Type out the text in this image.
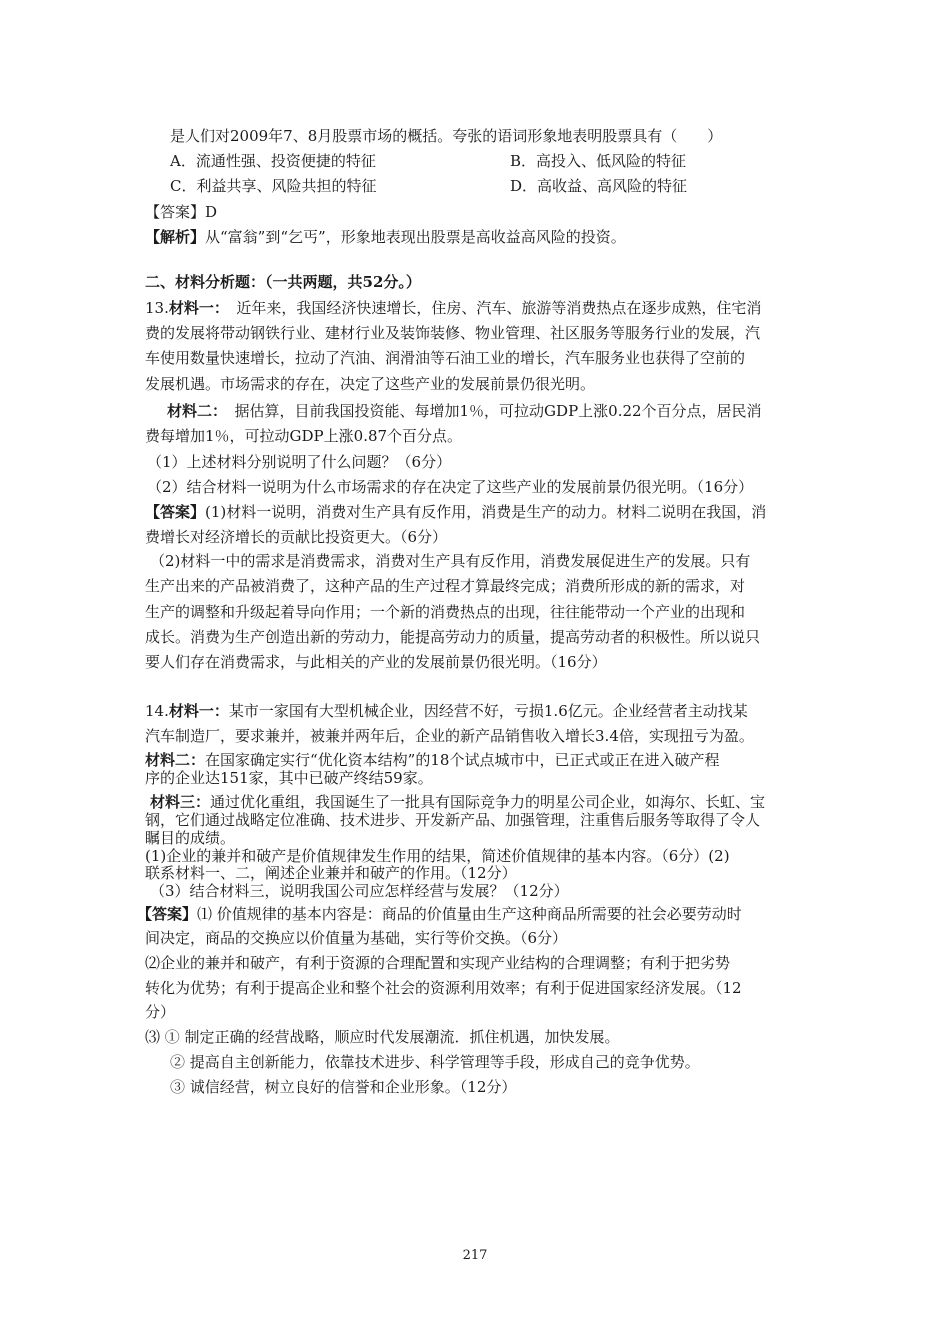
是人们对2009年7、8月股票市场的概括。夸张的语词形象地表明股票具有（　　）
A．流通性强、投资便捷的特征	B．高投入、低风险的特征
C．利益共享、风险共担的特征	D．高收益、高风险的特征
【答案】D
【解析】从“富翁”到“乞丐”，形象地表现出股票是高收益高风险的投资。
二、材料分析题：（一共两题，共52分。）
13.材料一：　近年来，我国经济快速增长，住房、汽车、旅游等消费热点在逐步成熟，住宅消
费的发展将带动钢铁行业、建材行业及装饰装修、物业管理、社区服务等服务行业的发展，汽
车使用数量快速增长，拉动了汽油、润滑油等石油工业的增长，汽车服务业也获得了空前的
发展机遇。市场需求的存在，决定了这些产业的发展前景仍很光明。
材料二：　据估算，目前我国投资能、每增加1％，可拉动GDP上涨0.22个百分点，居民消
费每增加1％，可拉动GDP上涨0.87个百分点。
（1）上述材料分别说明了什么问题？（6分）
（2）结合材料一说明为什么市场需求的存在决定了这些产业的发展前景仍很光明。（16分）
【答案】(1)材料一说明，消费对生产具有反作用，消费是生产的动力。材料二说明在我国，消
费增长对经济增长的贡献比投资更大。（6分）
（2)材料一中的需求是消费需求，消费对生产具有反作用，消费发展促进生产的发展。只有
生产出来的产品被消费了，这种产品的生产过程才算最终完成；消费所形成的新的需求，对
生产的调整和升级起着导向作用；一个新的消费热点的出现，往往能带动一个产业的出现和
成长。消费为生产创造出新的劳动力，能提高劳动力的质量，提高劳动者的积极性。所以说只
要人们存在消费需求，与此相关的产业的发展前景仍很光明。（16分）
14.材料一：某市一家国有大型机械企业，因经营不好，亏损1.6亿元。企业经营者主动找某
汽车制造厂，要求兼并，被兼并两年后，企业的新产品销售收入增长3.4倍，实现扭亏为盈。
材料二：在国家确定实行“优化资本结构”的18个试点城市中，已正式或正在进入破产程
序的企业达151家，其中已破产终结59家。
材料三：通过优化重组，我国诞生了一批具有国际竞争力的明星公司企业，如海尔、长虹、宝
钢，它们通过战略定位准确、技术进步、开发新产品、加强管理，注重售后服务等取得了令人
瞩目的成绩。
(1)企业的兼并和破产是价值规律发生作用的结果，简述价值规律的基本内容。（6分）(2)
联系材料一、二，阐述企业兼并和破产的作用。（12分）
（3）结合材料三，说明我国公司应怎样经营与发展？（12分）
【答案】⑴ 价值规律的基本内容是：商品的价值量由生产这种商品所需要的社会必要劳动时
间决定，商品的交换应以价值量为基础，实行等价交换。（6分）
⑵企业的兼并和破产，有利于资源的合理配置和实现产业结构的合理调整；有利于把劣势
转化为优势；有利于提高企业和整个社会的资源利用效率；有利于促进国家经济发展。（12
分）
⑶ ① 制定正确的经营战略，顺应时代发展潮流．抓住机遇，加快发展。
② 提高自主创新能力，依靠技术进步、科学管理等手段，形成自己的竞争优势。
③ 诚信经营，树立良好的信誉和企业形象。（12分）
217
